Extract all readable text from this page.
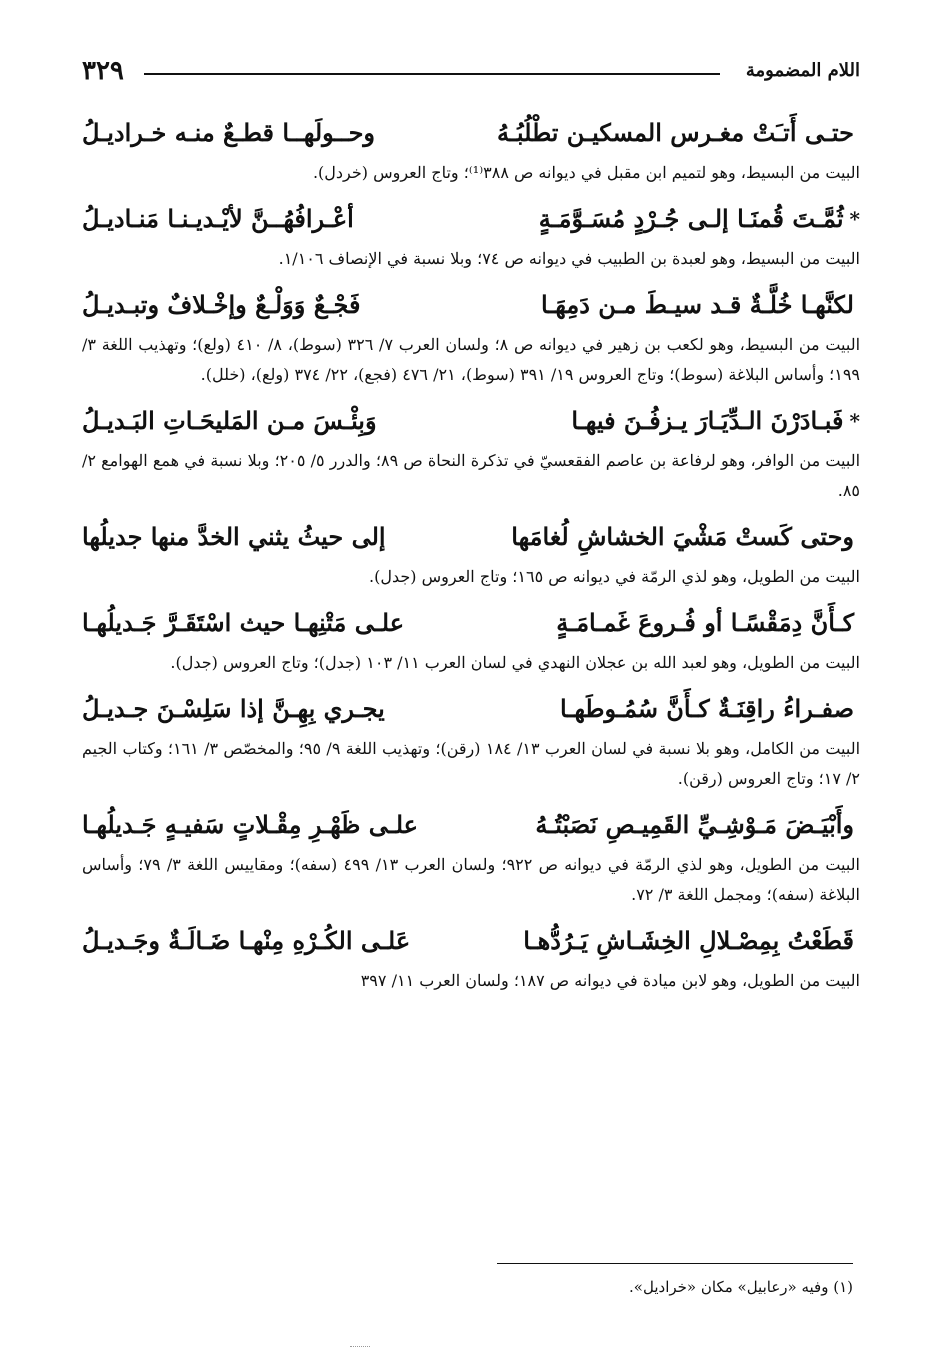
٣٢٩	اللام المضمومة
حتـى أَتـَتْ مغـرس المسكيـن تطْلُبُـهُ
وحــولَهــا قطـعٌ منـه خـراديـلُ
البيت من البسيط، وهو لتميم ابن مقبل في ديوانه ص ٣٨٨⁽¹⁾؛ وتاج العروس (خردل).
*
ثُمَّـتَ قُمنَـا إلـى جُـرْدٍ مُسَـوَّمَـةٍ
أعْـرافُهُــنَّ لأيْـديـنـا مَنـاديـلُ
البيت من البسيط، وهو لعبدة بن الطبيب في ديوانه ص ٧٤؛ وبلا نسبة في الإنصاف ١/١٠٦.
لكنَّهـا خُلَّـةٌ قـد سيـطَ مـن دَمِهَـا
فَجْـعٌ وَوَلْـعٌ وإخْـلافٌ وتبـديـلُ
البيت من البسيط، وهو لكعب بن زهير في ديوانه ص ٨؛ ولسان العرب ٧/ ٣٢٦ (سوط)، ٨/ ٤١٠ (ولع)؛ وتهذيب اللغة ٣/ ١٩٩؛ وأساس البلاغة (سوط)؛ وتاج العروس ١٩/ ٣٩١ (سوط)، ٢١/ ٤٧٦ (فجع)، ٢٢/ ٣٧٤ (ولع)، (خلل).
*
فَبـادَرْنَ الـدِّيَـارَ يـزفُـنَ فيهـا
وَبِئْـسَ مـن المَليحَـاتِ البَـديـلُ
البيت من الوافر، وهو لرفاعة بن عاصم الفقعسيّ في تذكرة النحاة ص ٨٩؛ والدرر ٥/ ٢٠٥؛ وبلا نسبة في همع الهوامع ٢/ ٨٥.
وحتى كَستْ مَشْيَ الخشاشِ لُغامَها
إلى حيثُ يثني الخدَّ منها جديلُها
البيت من الطويل، وهو لذي الرمّة في ديوانه ص ١٦٥؛ وتاج العروس (جدل).
كـأَنَّ دِمَقْسًـا أو فُـروعَ غَمـامَـةٍ
علـى مَتْنِهـا حيث اسْتَقَـرَّ جَـديلُهـا
البيت من الطويل، وهو لعبد الله بن عجلان النهدي في لسان العرب ١١/ ١٠٣ (جدل)؛ وتاج العروس (جدل).
صفـراءُ راقِنَـةٌ كـأَنَّ سُمُـوطَهـا
يجـري بِهِـنَّ إذا سَلِسْـنَ جـديـلُ
البيت من الكامل، وهو بلا نسبة في لسان العرب ١٣/ ١٨٤ (رقن)؛ وتهذيب اللغة ٩/ ٩٥؛ والمخصّص ٣/ ١٦١؛ وكتاب الجيم ٢/ ١٧؛ وتاج العروس (رقن).
وأَبْيَـضَ مَـوْشِـيِّ القَمِيـصِ نَصَبْتُـهُ
علـى ظَهْـرِ مِقْـلاتٍ سَفيـهٍ جَـديلُهـا
البيت من الطويل، وهو لذي الرمّة في ديوانه ص ٩٢٢؛ ولسان العرب ١٣/ ٤٩٩ (سفه)؛ ومقاييس اللغة ٣/ ٧٩؛ وأساس البلاغة (سفه)؛ ومجمل اللغة ٣/ ٧٢.
قَطَعْتُ بِمِصْـلالِ الخِشَـاشِ يَـرُدُّهـا
عَلـى الكُـرْهِ مِنْهـا ضَـالَـةٌ وجَـديـلُ
البيت من الطويل، وهو لابن ميادة في ديوانه ص ١٨٧؛ ولسان العرب ١١/ ٣٩٧
(١) وفيه «رعابيل» مكان «خراديل».
